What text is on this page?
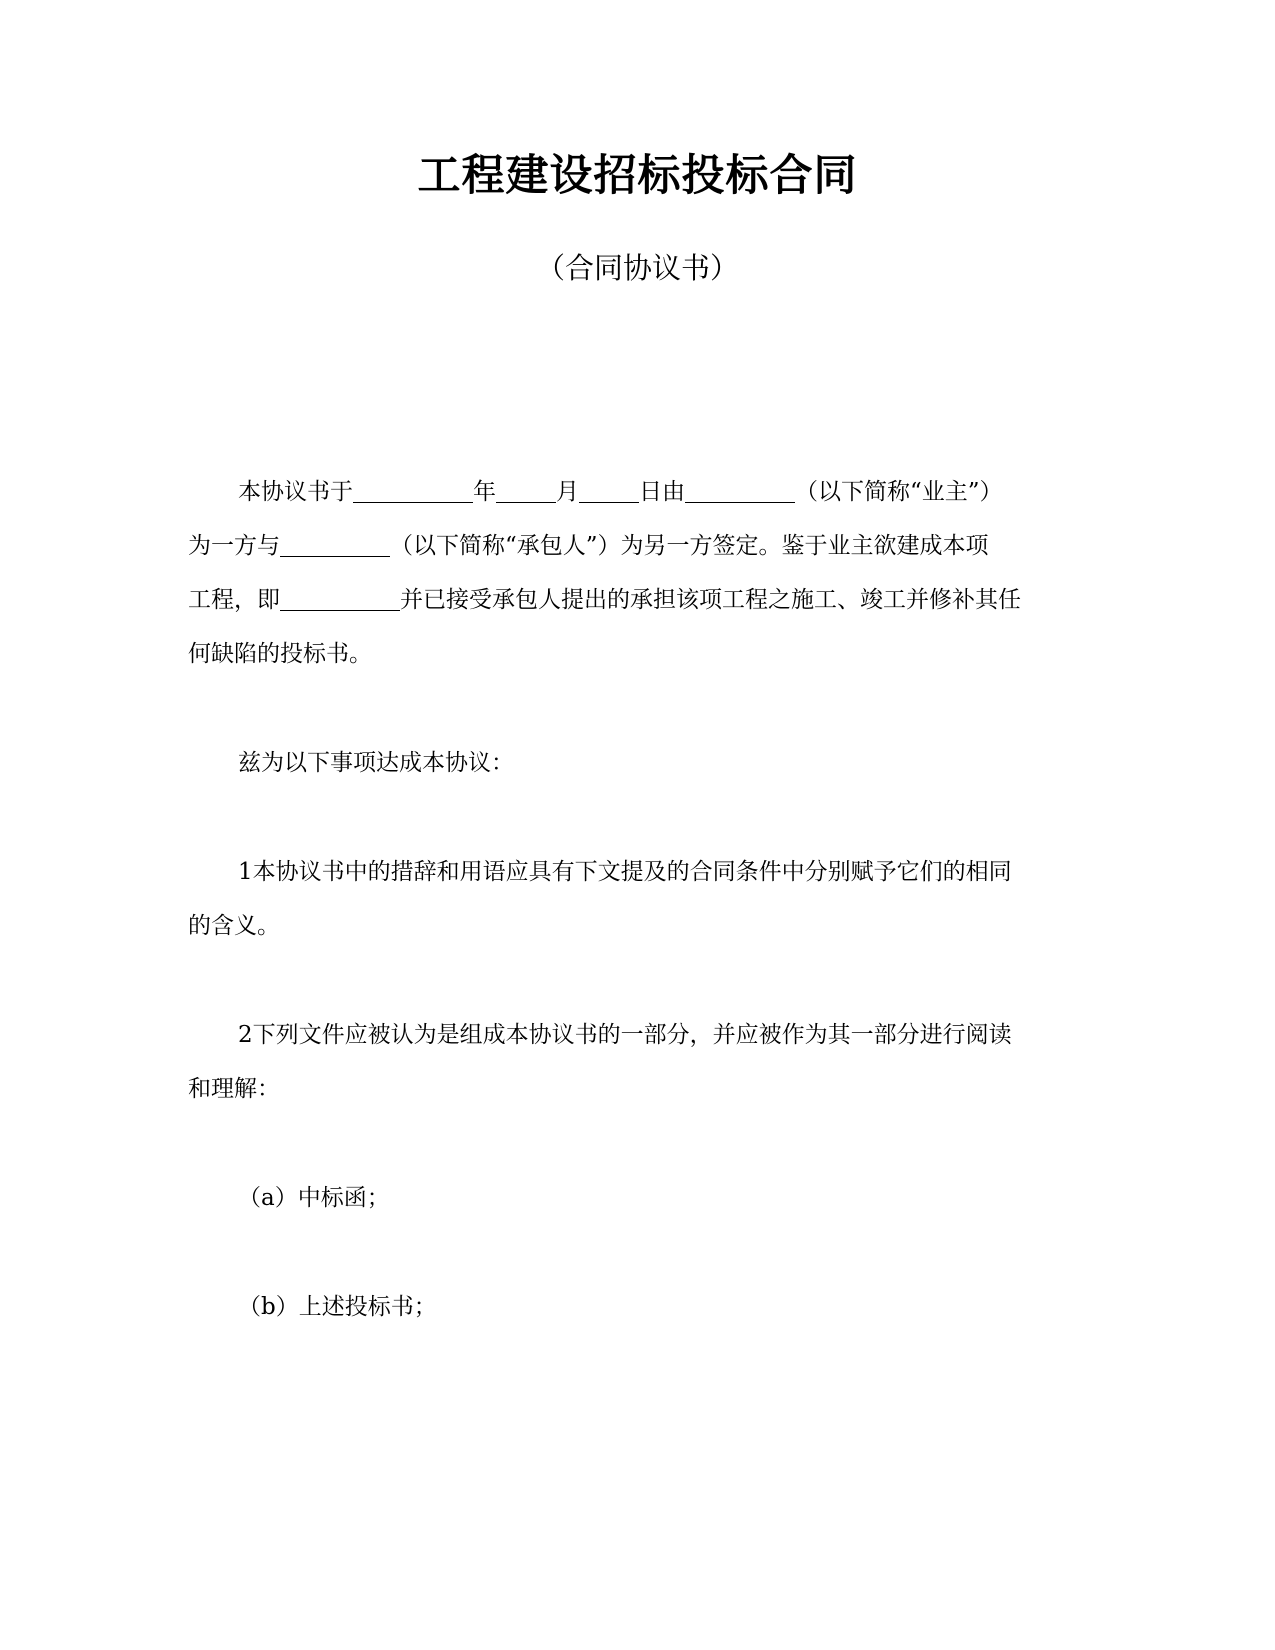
工程建设招标投标合同
（合同协议书）
本协议书于	年	月	日由	（以下简称“业主”）
为一方与	（以下简称“承包人”）为另一方签定。鉴于业主欲建成本项
工程，即	并已接受承包人提出的承担该项工程之施工、竣工并修补其任
何缺陷的投标书。
兹为以下事项达成本协议：
1本协议书中的措辞和用语应具有下文提及的合同条件中分别赋予它们的相同
的含义。
2下列文件应被认为是组成本协议书的一部分，并应被作为其一部分进行阅读
和理解：
（a）中标函；
（b）上述投标书；
